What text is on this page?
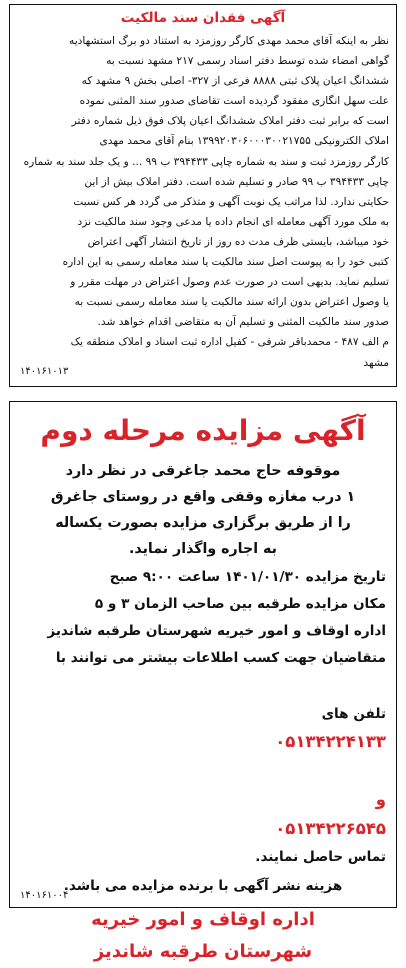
آگهی فقدان سند مالکیت
نظر به اینکه آقای محمد مهدی کارگر روزمزد به استناد دو برگ استشهادیه
گواهی امضاء شده توسط دفتر اسناد رسمی ۲۱۷ مشهد نسبت به
ششدانگ اعیان پلاک ثبتی ۸۸۸۸ فرعی از ۳۲۷- اصلی بخش ۹ مشهد که
علت سهل انگاری مفقود گردیده است تقاضای صدور سند المثنی نموده
است که برابر ثبت دفتر املاک ششدانگ اعیان پلاک فوق ذیل شماره دفتر
املاک الکترونیکی ۱۳۹۹۲۰۳۰۶۰۰۰۳۰۰۲۱۷۵۵ بنام آقای محمد مهدی
کارگر روزمزد ثبت و سند به شماره چاپی ۳۹۴۴۳۳ ب ۹۹ ... و یک جلد سند به شماره
چاپی ۳۹۴۴۳۳ ب ۹۹ صادر و تسلیم شده است. دفتر املاک بیش از این
حکایتی ندارد. لذا مراتب یک نوبت آگهی و متذکر می گردد هر کس نسبت
به ملک مورد آگهی معامله ای انجام داده یا مدعی وجود سند مالکیت نزد
خود میباشد، بایستی ظرف مدت ده روز از تاریخ انتشار آگهی اعتراض
کتبی خود را به پیوست اصل سند مالکیت یا سند معامله رسمی به این اداره
تسلیم نماید. بدیهی است در صورت عدم وصول اعتراض در مهلت مقرر و
یا وصول اعتراض بدون ارائه سند مالکیت یا سند معامله رسمی نسبت به
صدور سند مالکیت المثنی و تسلیم آن به متقاضی اقدام خواهد شد.
م الف ۴۸۷ - محمدباقر شرفی - کفیل اداره ثبت اسناد و املاک منطقه یک
مشهد
۱۴۰۱۶۱۰۱۳
آگهی مزایده مرحله دوم
موقوفه حاج محمد جاغرقی در نظر دارد
۱ درب مغازه وقفی واقع در روستای جاغرق
را از طریق برگزاری مزایده بصورت یکساله
به اجاره واگذار نماید.
تاریخ مزایده ۱۴۰۱/۰۱/۳۰ ساعت ۹:۰۰ صبح
مکان مزایده طرقبه بین صاحب الزمان ۳ و ۵
اداره اوقاف و امور خیریه شهرستان طرقبه شاندیز
متقاضیان جهت کسب اطلاعات بیشتر می توانند با

تلفن های
۰۵۱۳۴۲۲۴۱۳۳

و
۰۵۱۳۴۲۲۶۵۴۵
تماس حاصل نمایند.

هزینه نشر آگهی با برنده مزایده می باشد.
اداره اوقاف و امور خیریه
شهرستان طرقبه شاندیز
۱۴۰۱۶۱۰۰۴
